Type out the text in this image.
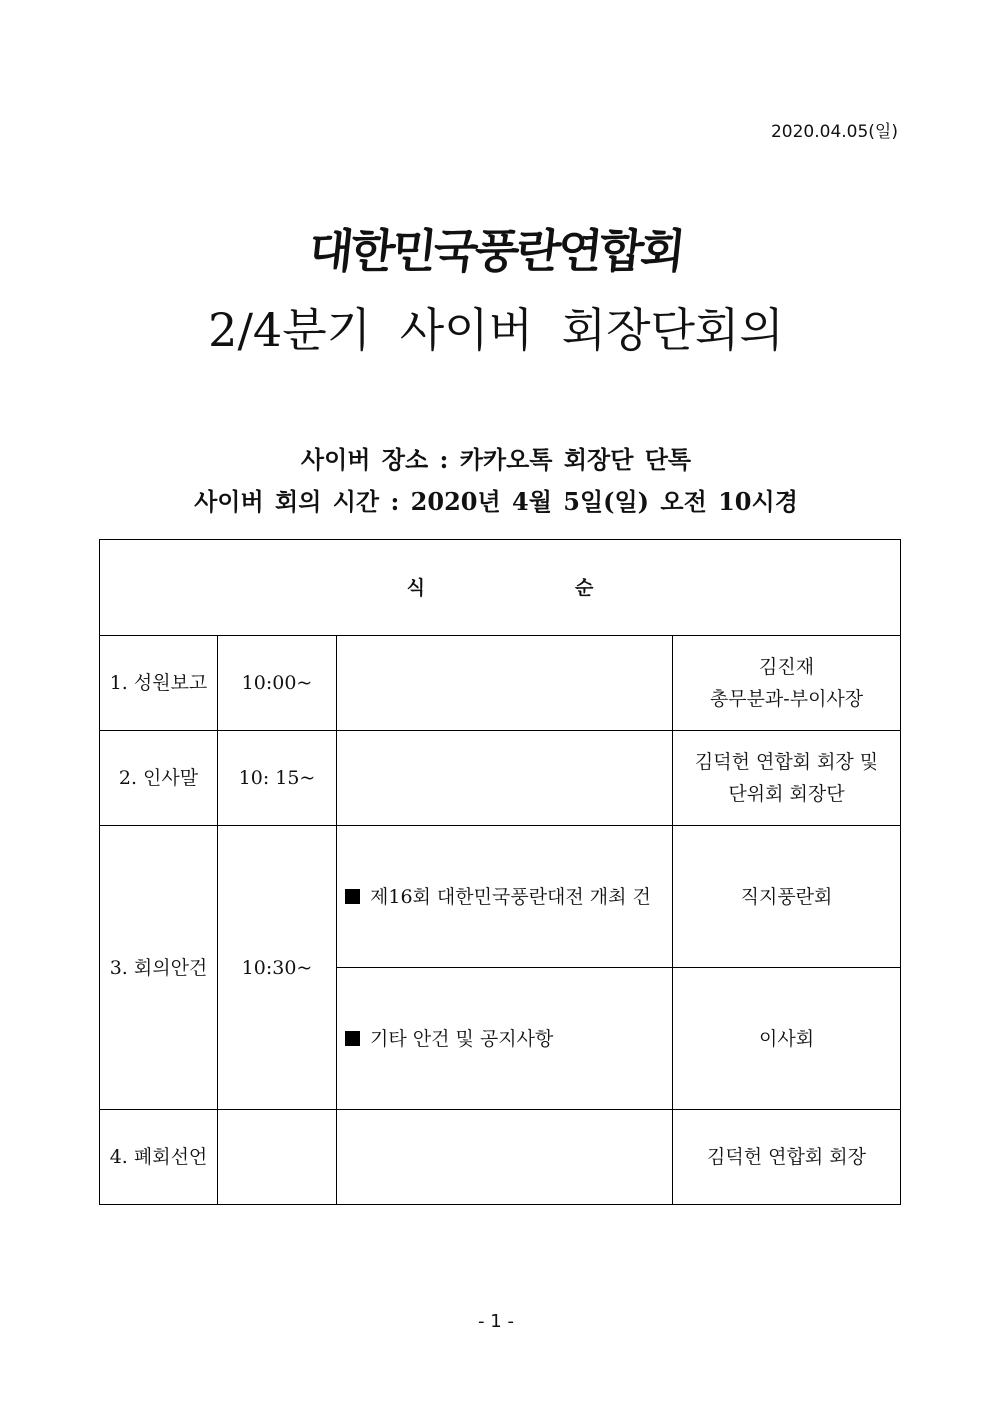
2020.04.05(일)
대한민국풍란연합회
2/4분기 사이버 회장단회의
사이버 장소 : 카카오톡 회장단 단톡
사이버 회의 시간 : 2020년 4월 5일(일) 오전 10시경
식 순			
1. 성원보고	10:00~		김진재
총무분과-부이사장

2. 인사말	10: 15~		김덕헌 연합회 회장 및
단위회 회장단

3. 회의안건	10:30~	제16회 대한민국풍란대전 개최 건	직지풍란회
		기타 안건 및 공지사항	이사회
4. 폐회선언			김덕헌 연합회 회장
- 1 -
